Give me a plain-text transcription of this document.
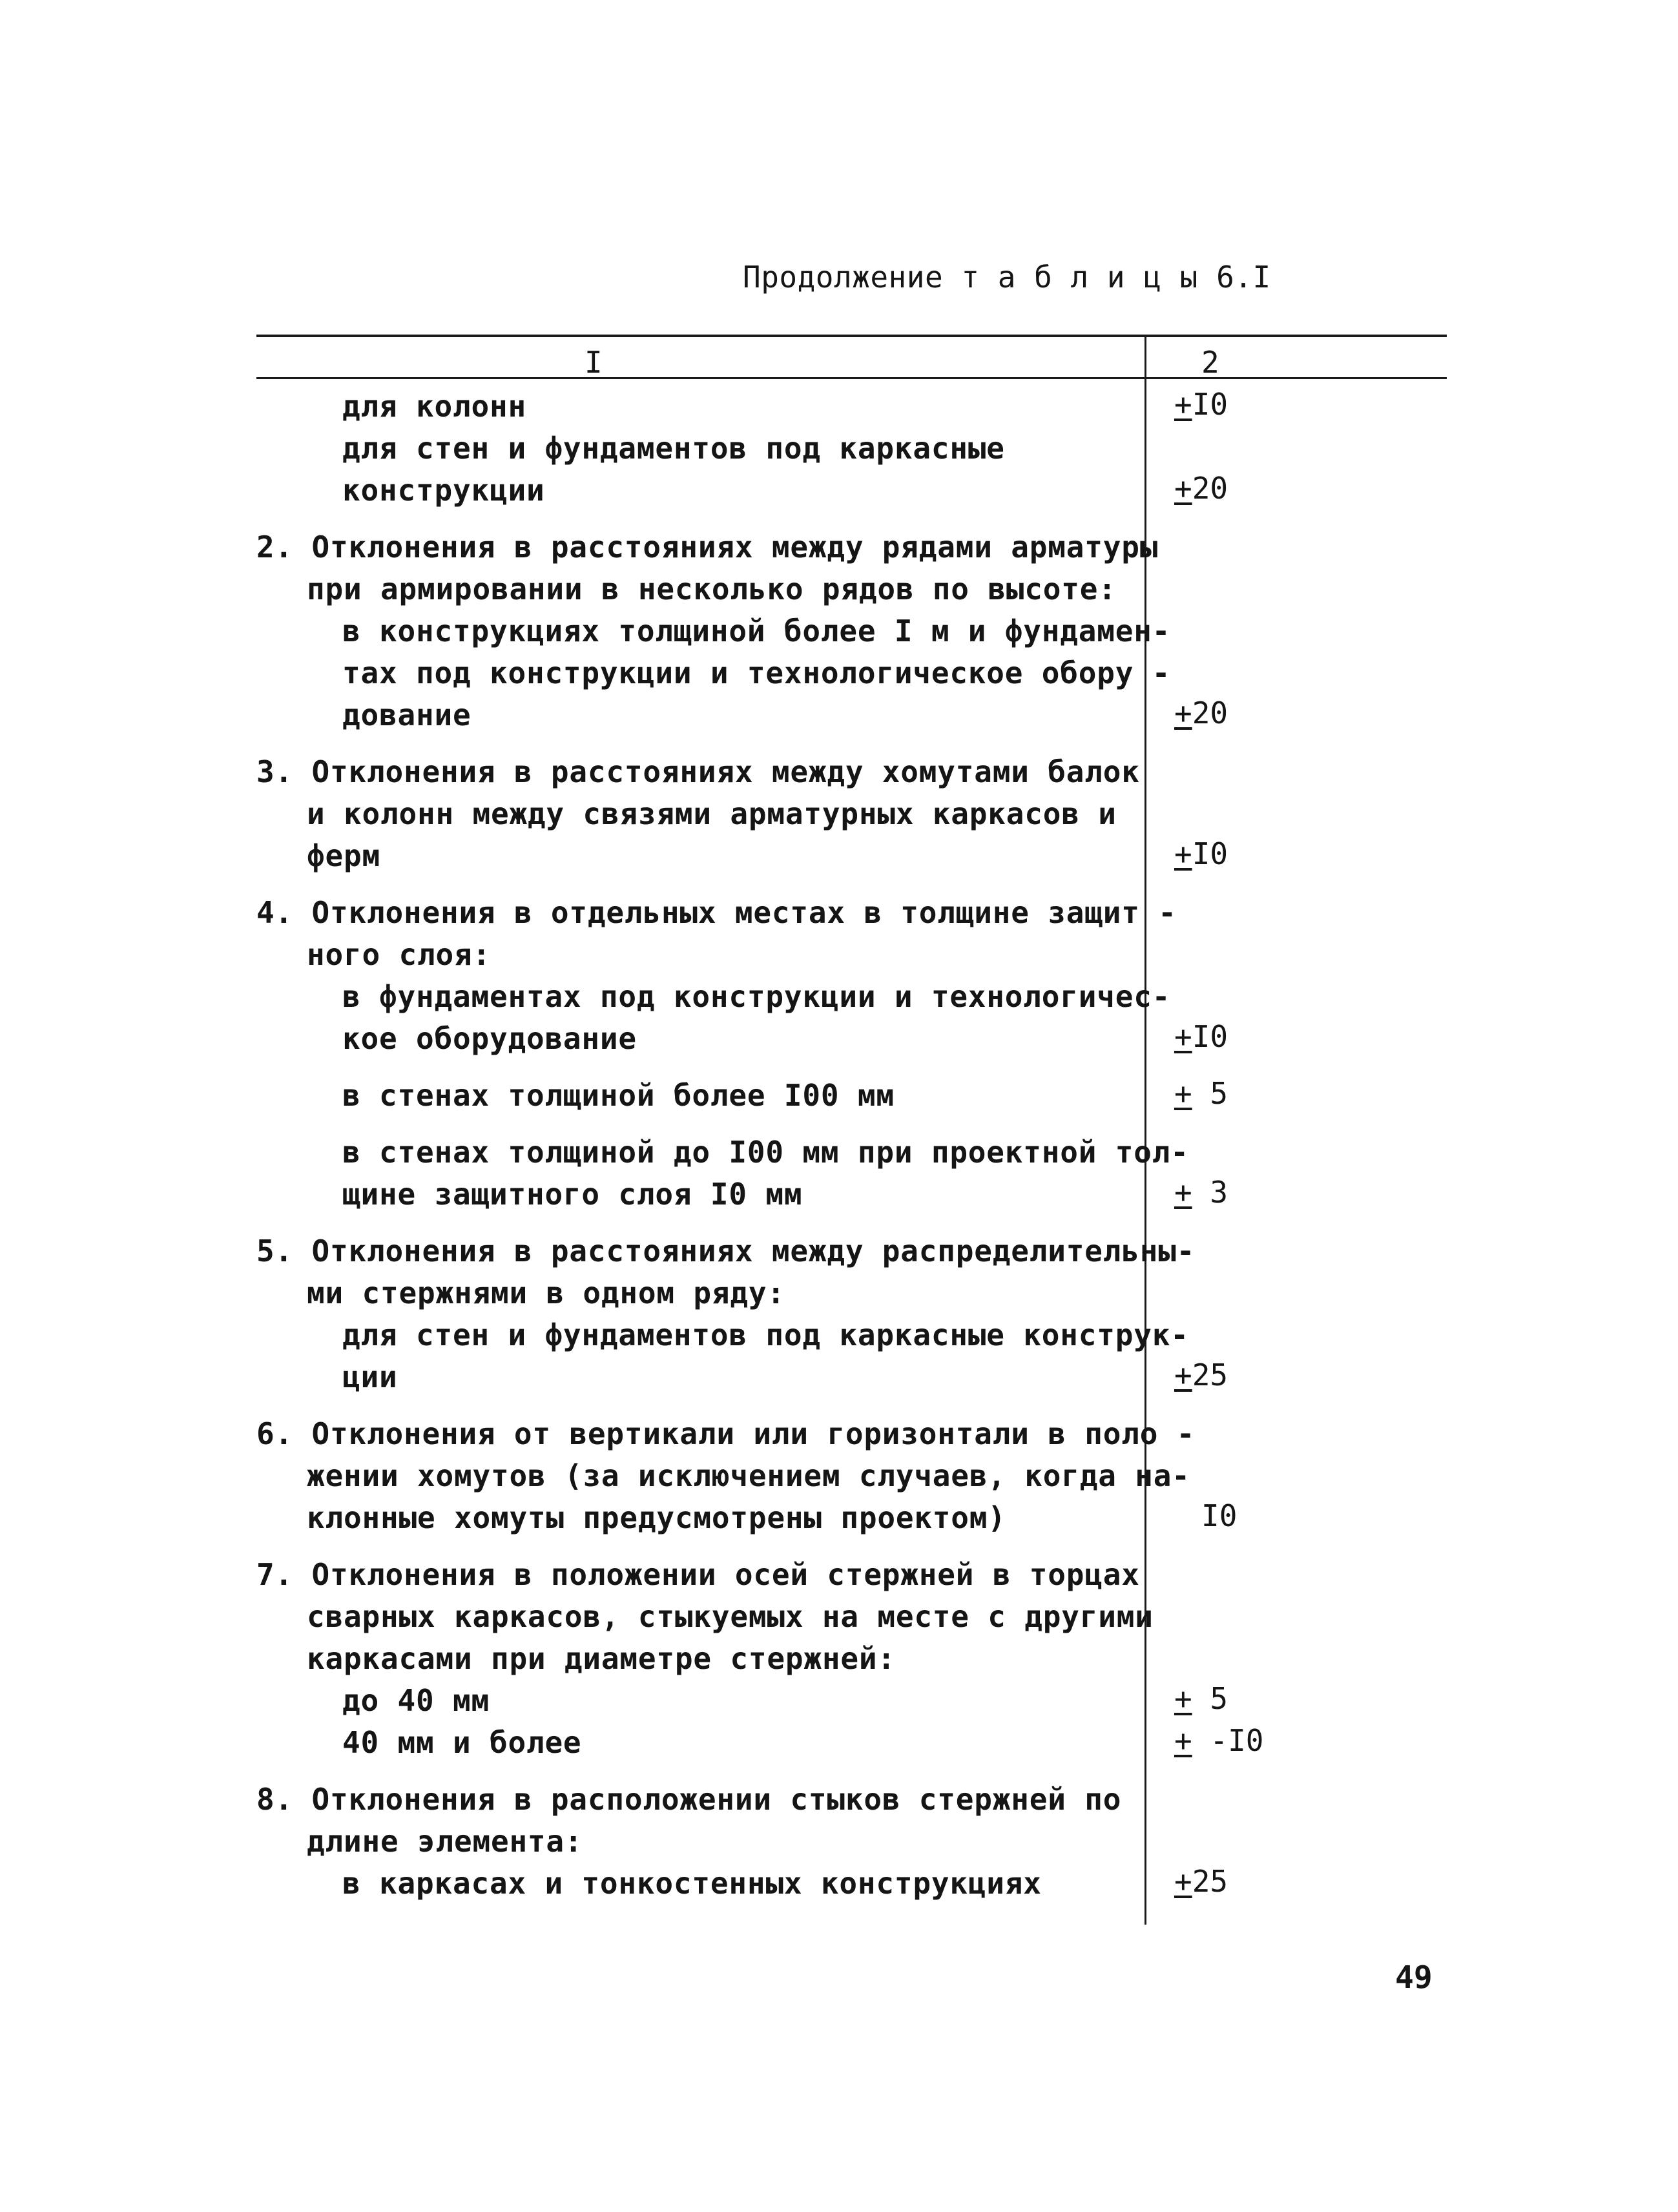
Продолжение т а б л и ц ы 6.I
I	2
для колонн	+I0
для стен и фундаментов под каркасные
конструкции	+20
2. Отклонения в расстояниях между рядами арматуры
при армировании в несколько рядов по высоте:
в конструкциях толщиной более I м и фундамен-
тах под конструкции и технологическое обору -
дование	+20
3. Отклонения в расстояниях между хомутами балок
и колонн между связями арматурных каркасов и
ферм	+I0
4. Отклонения в отдельных местах в толщине защит -
ного слоя:
в фундаментах под конструкции и технологичес-
кое оборудование	+I0
в стенах толщиной более I00 мм	+ 5
в стенах толщиной до I00 мм при проектной тол-
щине защитного слоя I0 мм	+ 3
5. Отклонения в расстояниях между распределительны-
ми стержнями в одном ряду:
для стен и фундаментов под каркасные конструк-
ции	+25
6. Отклонения от вертикали или горизонтали в поло -
жении хомутов (за исключением случаев, когда на-
клонные хомуты предусмотрены проектом)	I0
7. Отклонения в положении осей стержней в торцах
сварных каркасов, стыкуемых на месте с другими
каркасами при диаметре стержней:
до 40 мм	+ 5
40 мм и более	+ -I0
8. Отклонения в расположении стыков стержней по
длине элемента:
в каркасах и тонкостенных конструкциях	+25
49
